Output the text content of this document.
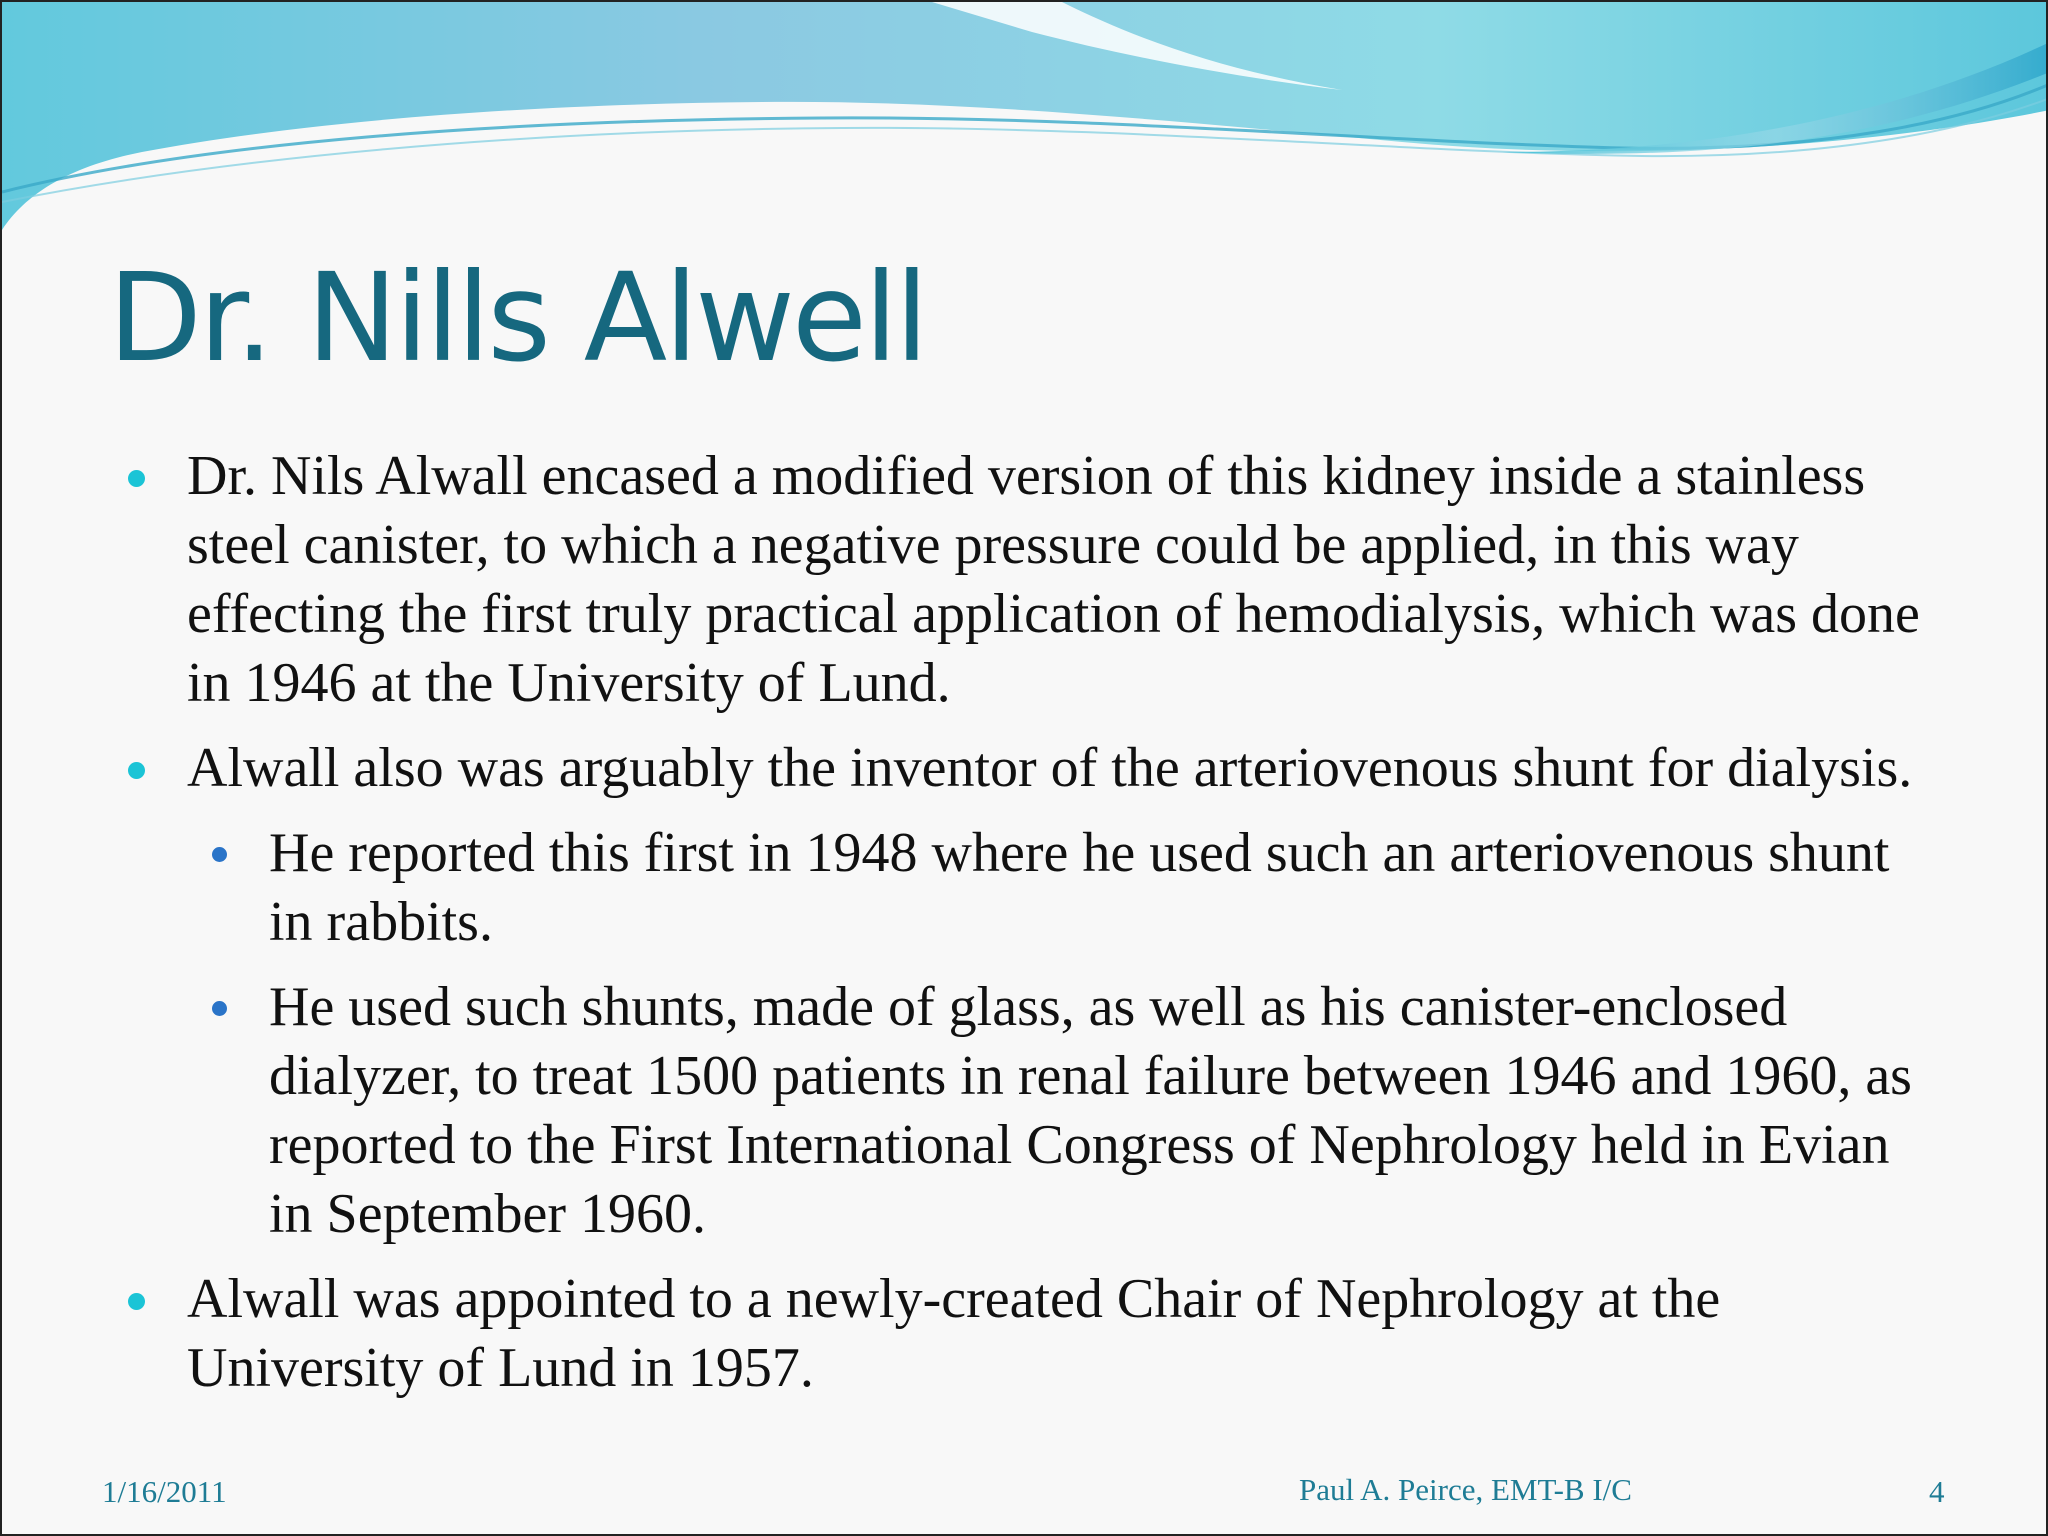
Dr. Nills Alwell
Dr. Nils Alwall encased a modified version of this kidney inside a stainless steel canister, to which a negative pressure could be applied, in this way effecting the first truly practical application of hemodialysis, which was done in 1946 at the University of Lund.
Alwall also was arguably the inventor of the arteriovenous shunt for dialysis.
He reported this first in 1948 where he used such an arteriovenous shunt in rabbits.
He used such shunts, made of glass, as well as his canister-enclosed dialyzer, to treat 1500 patients in renal failure between 1946 and 1960, as reported to the First International Congress of Nephrology held in Evian in September 1960.
Alwall was appointed to a newly-created Chair of Nephrology at the University of Lund in 1957.
1/16/2011	Paul A. Peirce, EMT-B I/C	4
